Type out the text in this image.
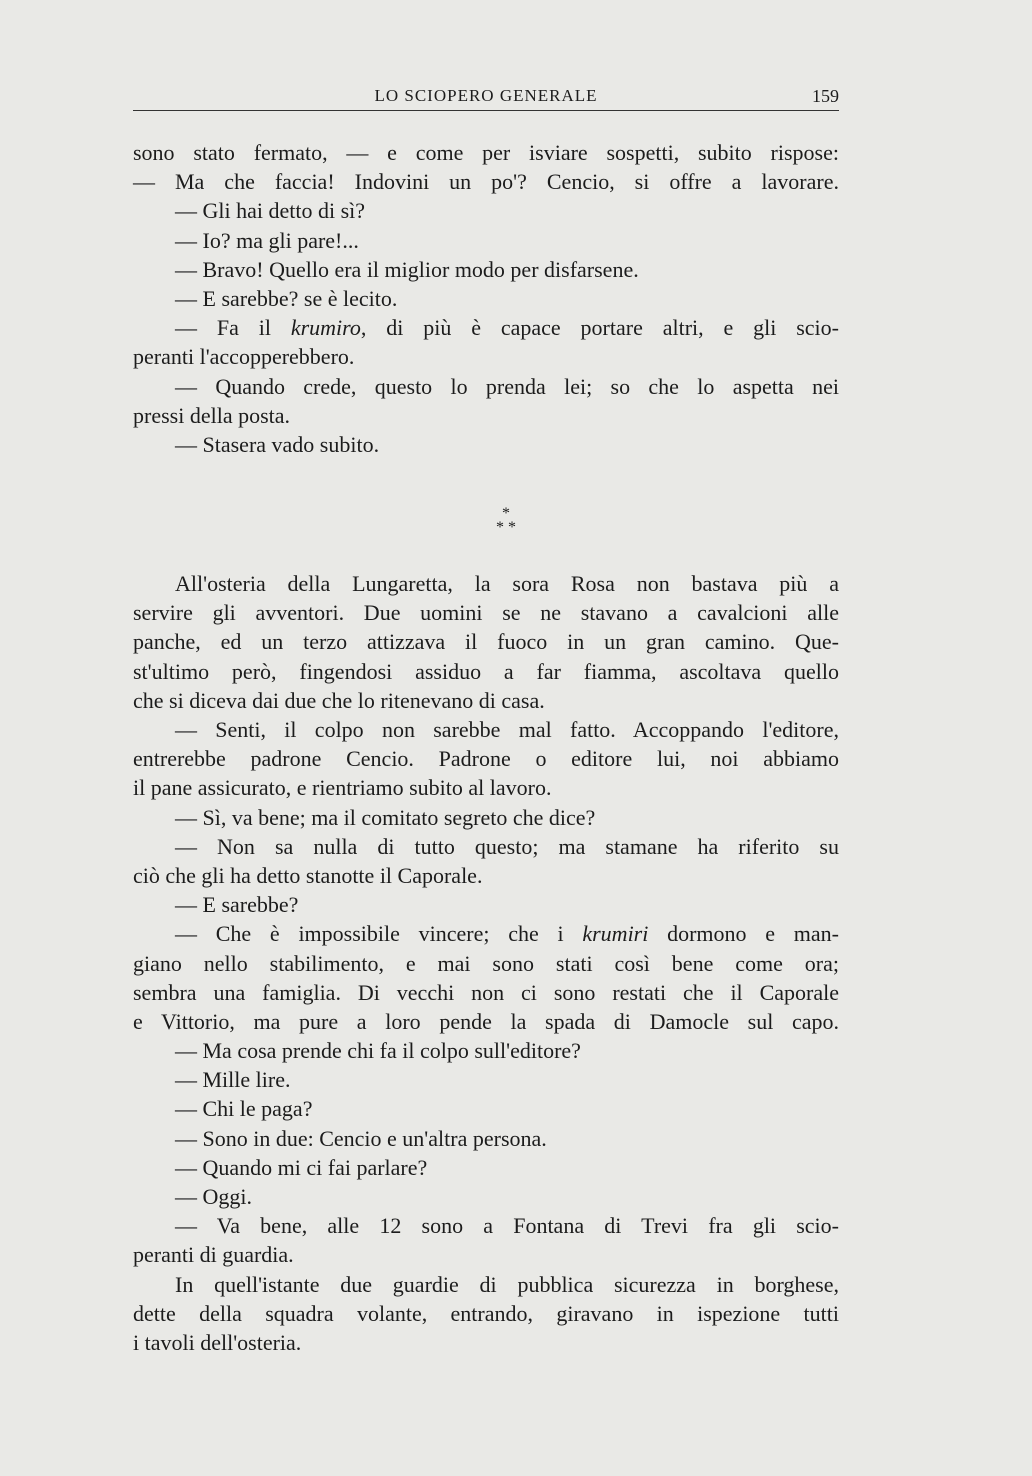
LO SCIOPERO GENERALE	159
sono stato fermato, — e come per isviare sospetti, subito rispose:
— Ma che faccia! Indovini un po'? Cencio, si offre a lavorare.
— Gli hai detto di sì?
— Io? ma gli pare!...
— Bravo! Quello era il miglior modo per disfarsene.
— E sarebbe? se è lecito.
— Fa il krumiro, di più è capace portare altri, e gli scio-
peranti l'accopperebbero.
— Quando crede, questo lo prenda lei; so che lo aspetta nei
pressi della posta.
— Stasera vado subito.
*
* *
All'osteria della Lungaretta, la sora Rosa non bastava più a
servire gli avventori. Due uomini se ne stavano a cavalcioni alle
panche, ed un terzo attizzava il fuoco in un gran camino. Que-
st'ultimo però, fingendosi assiduo a far fiamma, ascoltava quello
che si diceva dai due che lo ritenevano di casa.
— Senti, il colpo non sarebbe mal fatto. Accoppando l'editore,
entrerebbe padrone Cencio. Padrone o editore lui, noi abbiamo
il pane assicurato, e rientriamo subito al lavoro.
— Sì, va bene; ma il comitato segreto che dice?
— Non sa nulla di tutto questo; ma stamane ha riferito su
ciò che gli ha detto stanotte il Caporale.
— E sarebbe?
— Che è impossibile vincere; che i krumiri dormono e man-
giano nello stabilimento, e mai sono stati così bene come ora;
sembra una famiglia. Di vecchi non ci sono restati che il Caporale
e Vittorio, ma pure a loro pende la spada di Damocle sul capo.
— Ma cosa prende chi fa il colpo sull'editore?
— Mille lire.
— Chi le paga?
— Sono in due: Cencio e un'altra persona.
— Quando mi ci fai parlare?
— Oggi.
— Va bene, alle 12 sono a Fontana di Trevi fra gli scio-
peranti di guardia.
In quell'istante due guardie di pubblica sicurezza in borghese,
dette della squadra volante, entrando, giravano in ispezione tutti
i tavoli dell'osteria.
